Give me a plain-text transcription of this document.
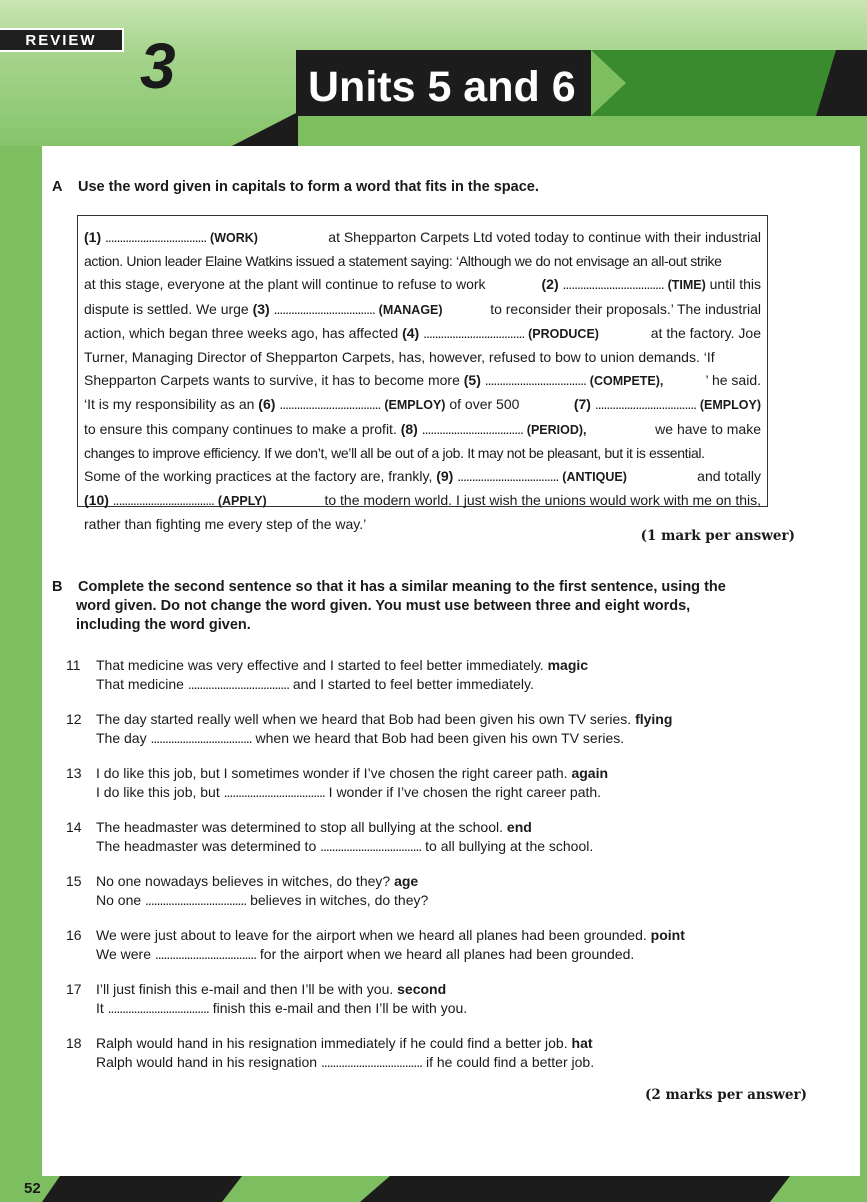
REVIEW 3	Units 5 and 6
A Use the word given in capitals to form a word that fits in the space.
(1) ................................... (WORK)	at Shepparton Carpets Ltd voted today to continue with their industrial
action. Union leader Elaine Watkins issued a statement saying: ‘Although we do not envisage an all-out strike
at this stage, everyone at the plant will continue to refuse to work	(2) ................................... (TIME) until this
dispute is settled. We urge (3) ................................... (MANAGE)	to reconsider their proposals.’ The industrial
action, which began three weeks ago, has affected (4) ................................... (PRODUCE)	at the factory. Joe
Turner, Managing Director of Shepparton Carpets, has, however, refused to bow to union demands. ‘If
Shepparton Carpets wants to survive, it has to become more (5) ................................... (COMPETE),	’ he said.
‘It is my responsibility as an (6) ................................... (EMPLOY) of over 500	(7) ................................... (EMPLOY)
to ensure this company continues to make a profit. (8) ................................... (PERIOD),	we have to make
changes to improve efficiency. If we don’t, we’ll all be out of a job. It may not be pleasant, but it is essential.
Some of the working practices at the factory are, frankly, (9) ................................... (ANTIQUE)	and totally
(10) ................................... (APPLY)	to the modern world. I just wish the unions would work with me on this,
rather than fighting me every step of the way.’
(1 mark per answer)
B Complete the second sentence so that it has a similar meaning to the first sentence, using the
word given. Do not change the word given. You must use between three and eight words,
including the word given.
11	That medicine was very effective and I started to feel better immediately. magic
That medicine ................................... and I started to feel better immediately.
12	The day started really well when we heard that Bob had been given his own TV series. flying
The day ................................... when we heard that Bob had been given his own TV series.
13	I do like this job, but I sometimes wonder if I’ve chosen the right career path. again
I do like this job, but ................................... I wonder if I’ve chosen the right career path.
14	The headmaster was determined to stop all bullying at the school. end
The headmaster was determined to ................................... to all bullying at the school.
15	No one nowadays believes in witches, do they? age
No one ................................... believes in witches, do they?
16	We were just about to leave for the airport when we heard all planes had been grounded. point
We were ................................... for the airport when we heard all planes had been grounded.
17	I’ll just finish this e-mail and then I’ll be with you. second
It ................................... finish this e-mail and then I’ll be with you.
18	Ralph would hand in his resignation immediately if he could find a better job. hat
Ralph would hand in his resignation ................................... if he could find a better job.
(2 marks per answer)
52
